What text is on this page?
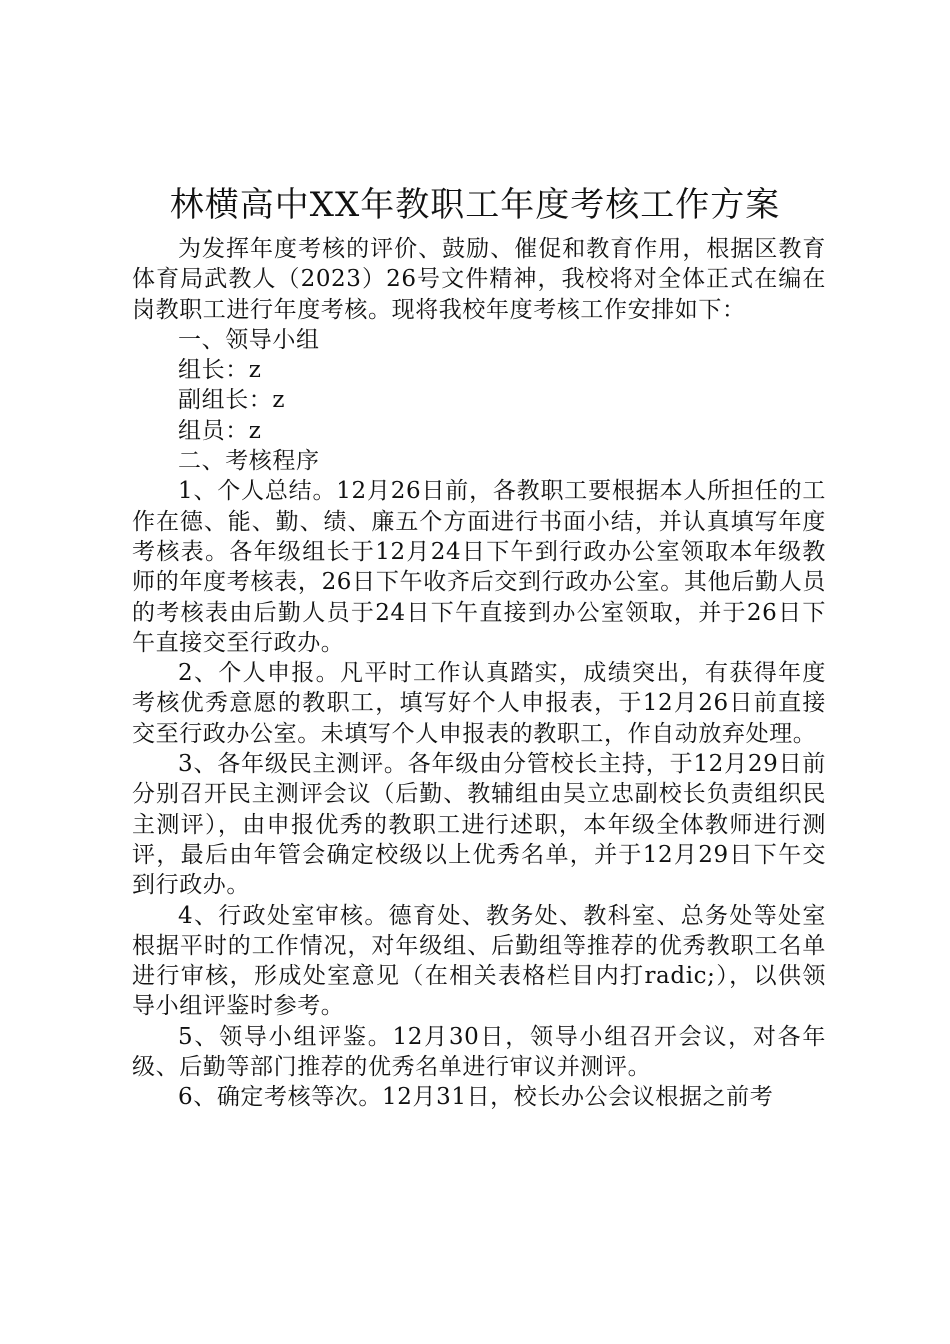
林横高中XX年教职工年度考核工作方案

为发挥年度考核的评价、鼓励、催促和教育作用，根据区教育体育局武教人（2023）26号文件精神，我校将对全体正式在编在岗教职工进行年度考核。现将我校年度考核工作安排如下：

一、领导小组

组长：z

副组长：z

组员：z

二、考核程序

1、个人总结。12月26日前，各教职工要根据本人所担任的工作在德、能、勤、绩、廉五个方面进行书面小结，并认真填写年度考核表。各年级组长于12月24日下午到行政办公室领取本年级教师的年度考核表，26日下午收齐后交到行政办公室。其他后勤人员的考核表由后勤人员于24日下午直接到办公室领取，并于26日下午直接交至行政办。

2、个人申报。凡平时工作认真踏实，成绩突出，有获得年度考核优秀意愿的教职工，填写好个人申报表，于12月26日前直接交至行政办公室。未填写个人申报表的教职工，作自动放弃处理。

3、各年级民主测评。各年级由分管校长主持，于12月29日前分别召开民主测评会议（后勤、教辅组由吴立忠副校长负责组织民主测评），由申报优秀的教职工进行述职，本年级全体教师进行测评，最后由年管会确定校级以上优秀名单，并于12月29日下午交到行政办。

4、行政处室审核。德育处、教务处、教科室、总务处等处室根据平时的工作情况，对年级组、后勤组等推荐的优秀教职工名单进行审核，形成处室意见（在相关表格栏目内打radic;），以供领导小组评鉴时参考。

5、领导小组评鉴。12月30日，领导小组召开会议，对各年级、后勤等部门推荐的优秀名单进行审议并测评。

6、确定考核等次。12月31日，校长办公会议根据之前考
